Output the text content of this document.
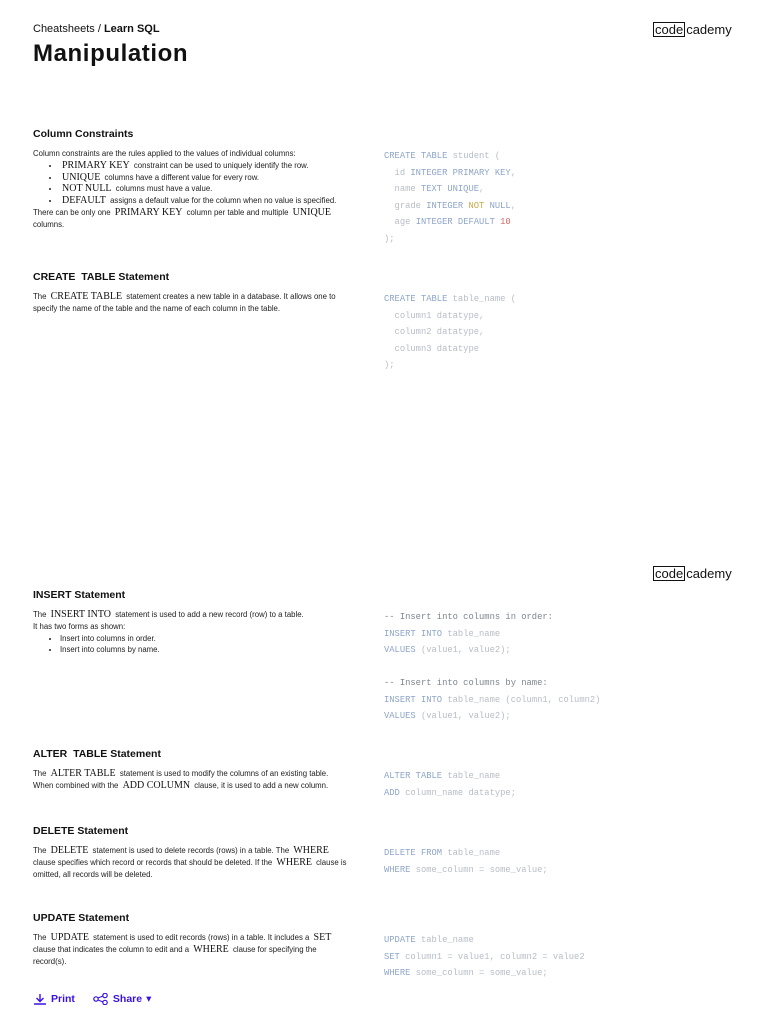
Cheatsheets / Learn SQL
Manipulation
code cademy
Column Constraints
Column constraints are the rules applied to the values of individual columns:
• PRIMARY KEY constraint can be used to uniquely identify the row.
• UNIQUE columns have a different value for every row.
• NOT NULL columns must have a value.
• DEFAULT assigns a default value for the column when no value is specified.
There can be only one PRIMARY KEY column per table and multiple UNIQUE columns.
CREATE TABLE student (
id INTEGER PRIMARY KEY,
name TEXT UNIQUE,
grade INTEGER NOT NULL,
age INTEGER DEFAULT 10
);
CREATE TABLE Statement
The CREATE TABLE statement creates a new table in a database. It allows one to specify the name of the table and the name of each column in the table.
CREATE TABLE table_name (
column1 datatype,
column2 datatype,
column3 datatype
);
code cademy
INSERT Statement
The INSERT INTO statement is used to add a new record (row) to a table.
It has two forms as shown:
• Insert into columns in order.
• Insert into columns by name.
-- Insert into columns in order:
INSERT INTO table_name
VALUES (value1, value2);

-- Insert into columns by name:
INSERT INTO table_name (column1, column2)
VALUES (value1, value2);
ALTER TABLE Statement
The ALTER TABLE statement is used to modify the columns of an existing table. When combined with the ADD COLUMN clause, it is used to add a new column.
ALTER TABLE table_name
ADD column_name datatype;
DELETE Statement
The DELETE statement is used to delete records (rows) in a table. The WHERE clause specifies which record or records that should be deleted. If the WHERE clause is omitted, all records will be deleted.
DELETE FROM table_name
WHERE some_column = some_value;
UPDATE Statement
The UPDATE statement is used to edit records (rows) in a table. It includes a SET clause that indicates the column to edit and a WHERE clause for specifying the record(s).
UPDATE table_name
SET column1 = value1, column2 = value2
WHERE some_column = some_value;
Print	Share ▾
